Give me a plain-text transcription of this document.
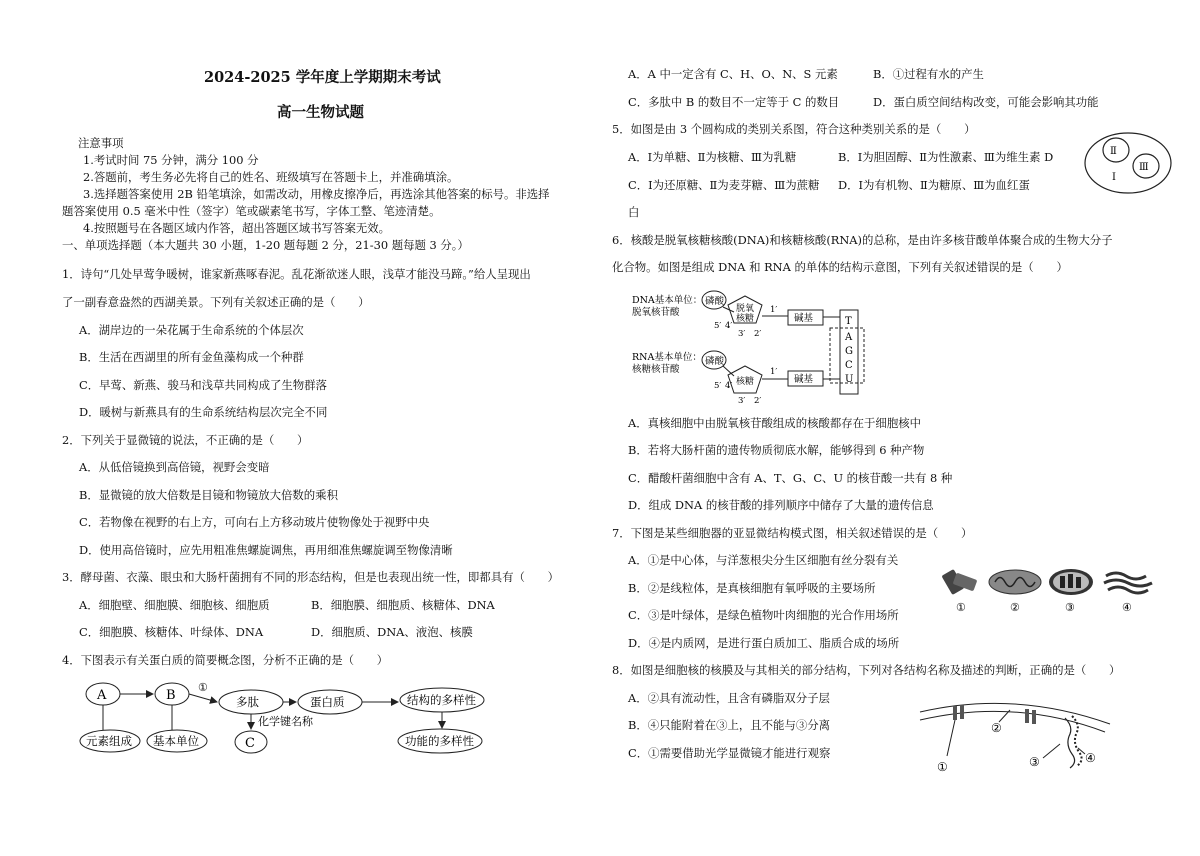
2024-2025 学年度上学期期末考试
高一生物试题
注意事项
1.考试时间 75 分钟，满分 100 分
2.答题前，考生务必先将自己的姓名、班级填写在答题卡上，并准确填涂。
3.选择题答案使用 2B 铅笔填涂，如需改动，用橡皮擦净后，再选涂其他答案的标号。非选择
题答案使用 0.5 毫米中性（签字）笔或碳素笔书写，字体工整、笔迹清楚。
4.按照题号在各题区域内作答，超出答题区域书写答案无效。
一、单项选择题（本大题共 30 小题，1-20 题每题 2 分，21-30 题每题 3 分。）
1．诗句“几处早莺争暖树，谁家新燕啄春泥。乱花渐欲迷人眼，浅草才能没马蹄。”给人呈现出
了一副春意盎然的西湖美景。下列有关叙述正确的是（　　）
A．湖岸边的一朵花属于生命系统的个体层次
B．生活在西湖里的所有金鱼藻构成一个种群
C．早莺、新燕、骏马和浅草共同构成了生物群落
D．暖树与新燕具有的生命系统结构层次完全不同
2．下列关于显微镜的说法，不正确的是（　　）
A．从低倍镜换到高倍镜，视野会变暗
B．显微镜的放大倍数是目镜和物镜放大倍数的乘积
C．若物像在视野的右上方，可向右上方移动玻片使物像处于视野中央
D．使用高倍镜时，应先用粗准焦螺旋调焦，再用细准焦螺旋调至物像清晰
3．酵母菌、衣藻、眼虫和大肠杆菌拥有不同的形态结构，但是也表现出统一性，即都具有（　　）
A．细胞壁、细胞膜、细胞核、细胞质	B．细胞膜、细胞质、核糖体、DNA
C．细胞膜、核糖体、叶绿体、DNA	D．细胞质、DNA、液泡、核膜
4．下图表示有关蛋白质的简要概念图，分析不正确的是（　　）
A	B
①
多肽	蛋白质	结构的多样性
元素组成 基本单位
化学键名称
C	功能的多样性
A．A 中一定含有 C、H、O、N、S 元素	B．①过程有水的产生
C．多肽中 B 的数目不一定等于 C 的数目	D．蛋白质空间结构改变，可能会影响其功能
5．如图是由 3 个圆构成的类别关系图，符合这种类别关系的是（　　）
A．Ⅰ为单糖、Ⅱ为核糖、Ⅲ为乳糖	B．Ⅰ为胆固醇、Ⅱ为性激素、Ⅲ为维生素 D
C．Ⅰ为还原糖、Ⅱ为麦芽糖、Ⅲ为蔗糖 D．Ⅰ为有机物、Ⅱ为糖原、Ⅲ为血红蛋
白
Ⅱ
Ⅲ
Ⅰ
6．核酸是脱氧核糖核酸(DNA)和核糖核酸(RNA)的总称，是由许多核苷酸单体聚合成的生物大分子
化合物。如图是组成 DNA 和 RNA 的单体的结构示意图，下列有关叙述错误的是（　　）
DNA基本单位：
脱氧核苷酸
RNA基本单位：
核糖核苷酸
磷酸
脱氧
核糖	碱基
5′ 4′
3′ 2′
1′
磷酸
核糖	碱基
5′ 4′
3′ 2′
1′
T
A
G
C
U
A．真核细胞中由脱氧核苷酸组成的核酸都存在于细胞核中
B．若将大肠杆菌的遗传物质彻底水解，能够得到 6 种产物
C．醋酸杆菌细胞中含有 A、T、G、C、U 的核苷酸一共有 8 种
D．组成 DNA 的核苷酸的排列顺序中储存了大量的遗传信息
7．下图是某些细胞器的亚显微结构模式图，相关叙述错误的是（　　）
A．①是中心体，与洋葱根尖分生区细胞有丝分裂有关
B．②是线粒体，是真核细胞有氧呼吸的主要场所
C．③是叶绿体，是绿色植物叶肉细胞的光合作用场所
D．④是内质网，是进行蛋白质加工、脂质合成的场所
①	②	③	④
8．如图是细胞核的核膜及与其相关的部分结构，下列对各结构名称及描述的判断，正确的是（　　）
A．②具有流动性，且含有磷脂双分子层
B．④只能附着在③上，且不能与③分离
C．①需要借助光学显微镜才能进行观察
①
②
③	④
